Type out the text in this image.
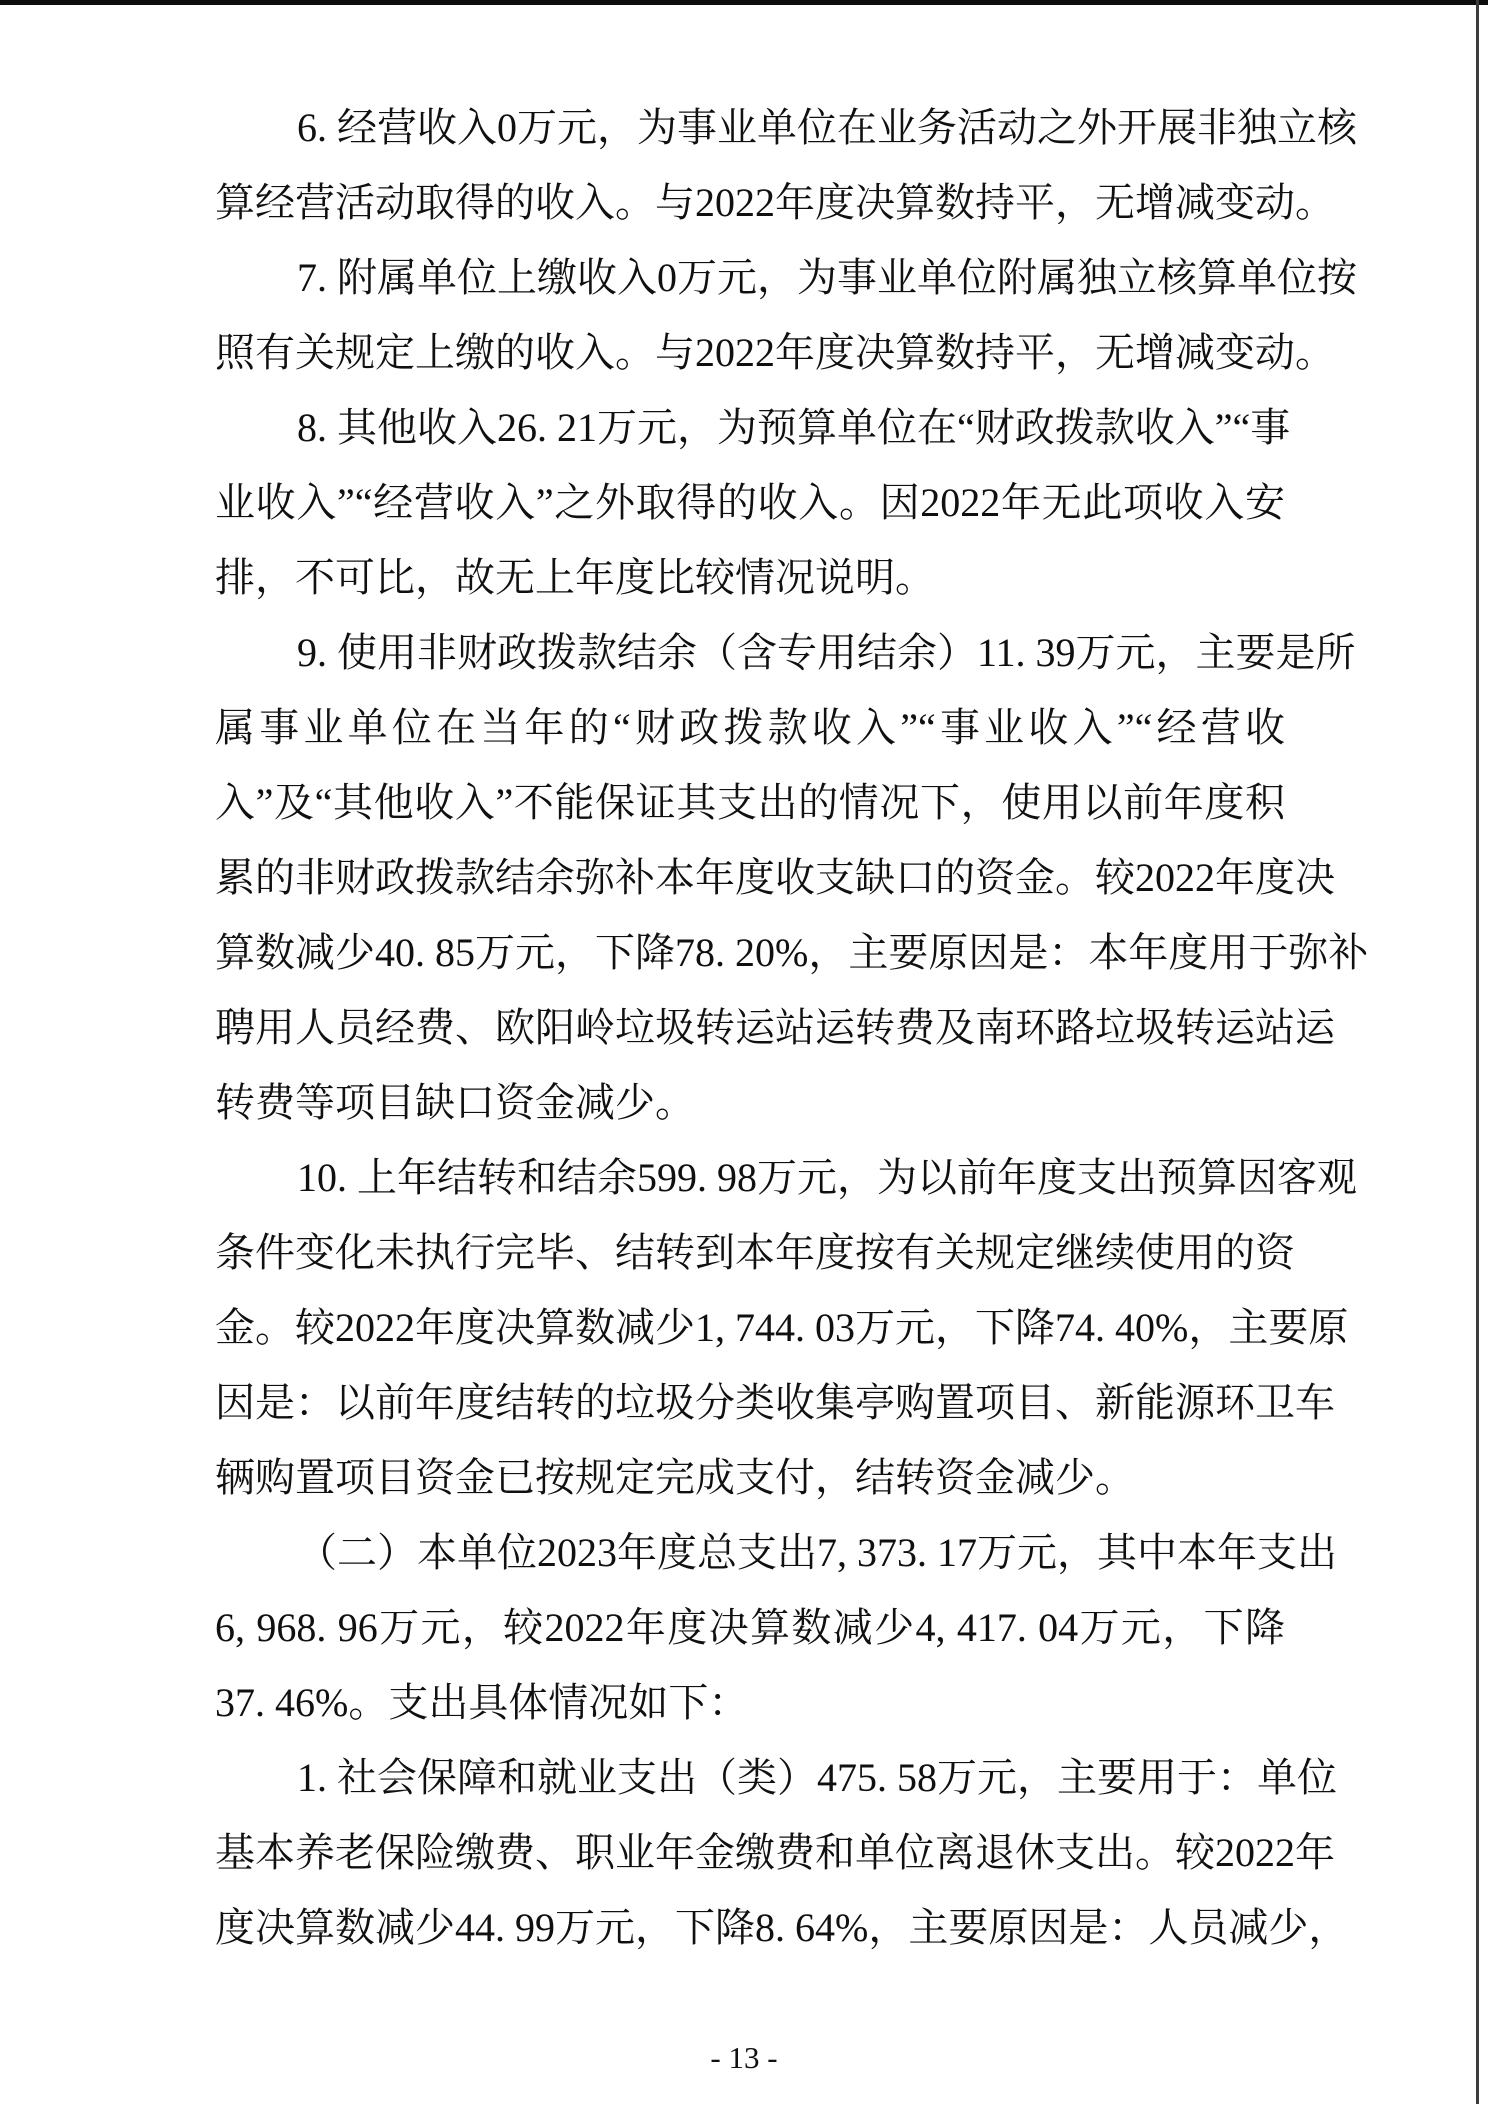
6. 经营收入0万元，为事业单位在业务活动之外开展非独立核
算经营活动取得的收入。与2022年度决算数持平，无增减变动。
7. 附属单位上缴收入0万元，为事业单位附属独立核算单位按
照有关规定上缴的收入。与2022年度决算数持平，无增减变动。
8. 其他收入26. 21万元，为预算单位在“财政拨款收入”“事
业收入”“经营收入”之外取得的收入。因2022年无此项收入安
排，不可比，故无上年度比较情况说明。
9. 使用非财政拨款结余（含专用结余）11. 39万元，主要是所
属事业单位在当年的“财政拨款收入”“事业收入”“经营收
入”及“其他收入”不能保证其支出的情况下，使用以前年度积
累的非财政拨款结余弥补本年度收支缺口的资金。较2022年度决
算数减少40. 85万元，下降78. 20%，主要原因是：本年度用于弥补
聘用人员经费、欧阳岭垃圾转运站运转费及南环路垃圾转运站运
转费等项目缺口资金减少。
10. 上年结转和结余599. 98万元，为以前年度支出预算因客观
条件变化未执行完毕、结转到本年度按有关规定继续使用的资
金。较2022年度决算数减少1, 744. 03万元，下降74. 40%，主要原
因是：以前年度结转的垃圾分类收集亭购置项目、新能源环卫车
辆购置项目资金已按规定完成支付，结转资金减少。
（二）本单位2023年度总支出7, 373. 17万元，其中本年支出
6, 968. 96万元，较2022年度决算数减少4, 417. 04万元，下降
37. 46%。支出具体情况如下：
1. 社会保障和就业支出（类）475. 58万元，主要用于：单位
基本养老保险缴费、职业年金缴费和单位离退休支出。较2022年
度决算数减少44. 99万元，下降8. 64%，主要原因是：人员减少，
- 13 -
